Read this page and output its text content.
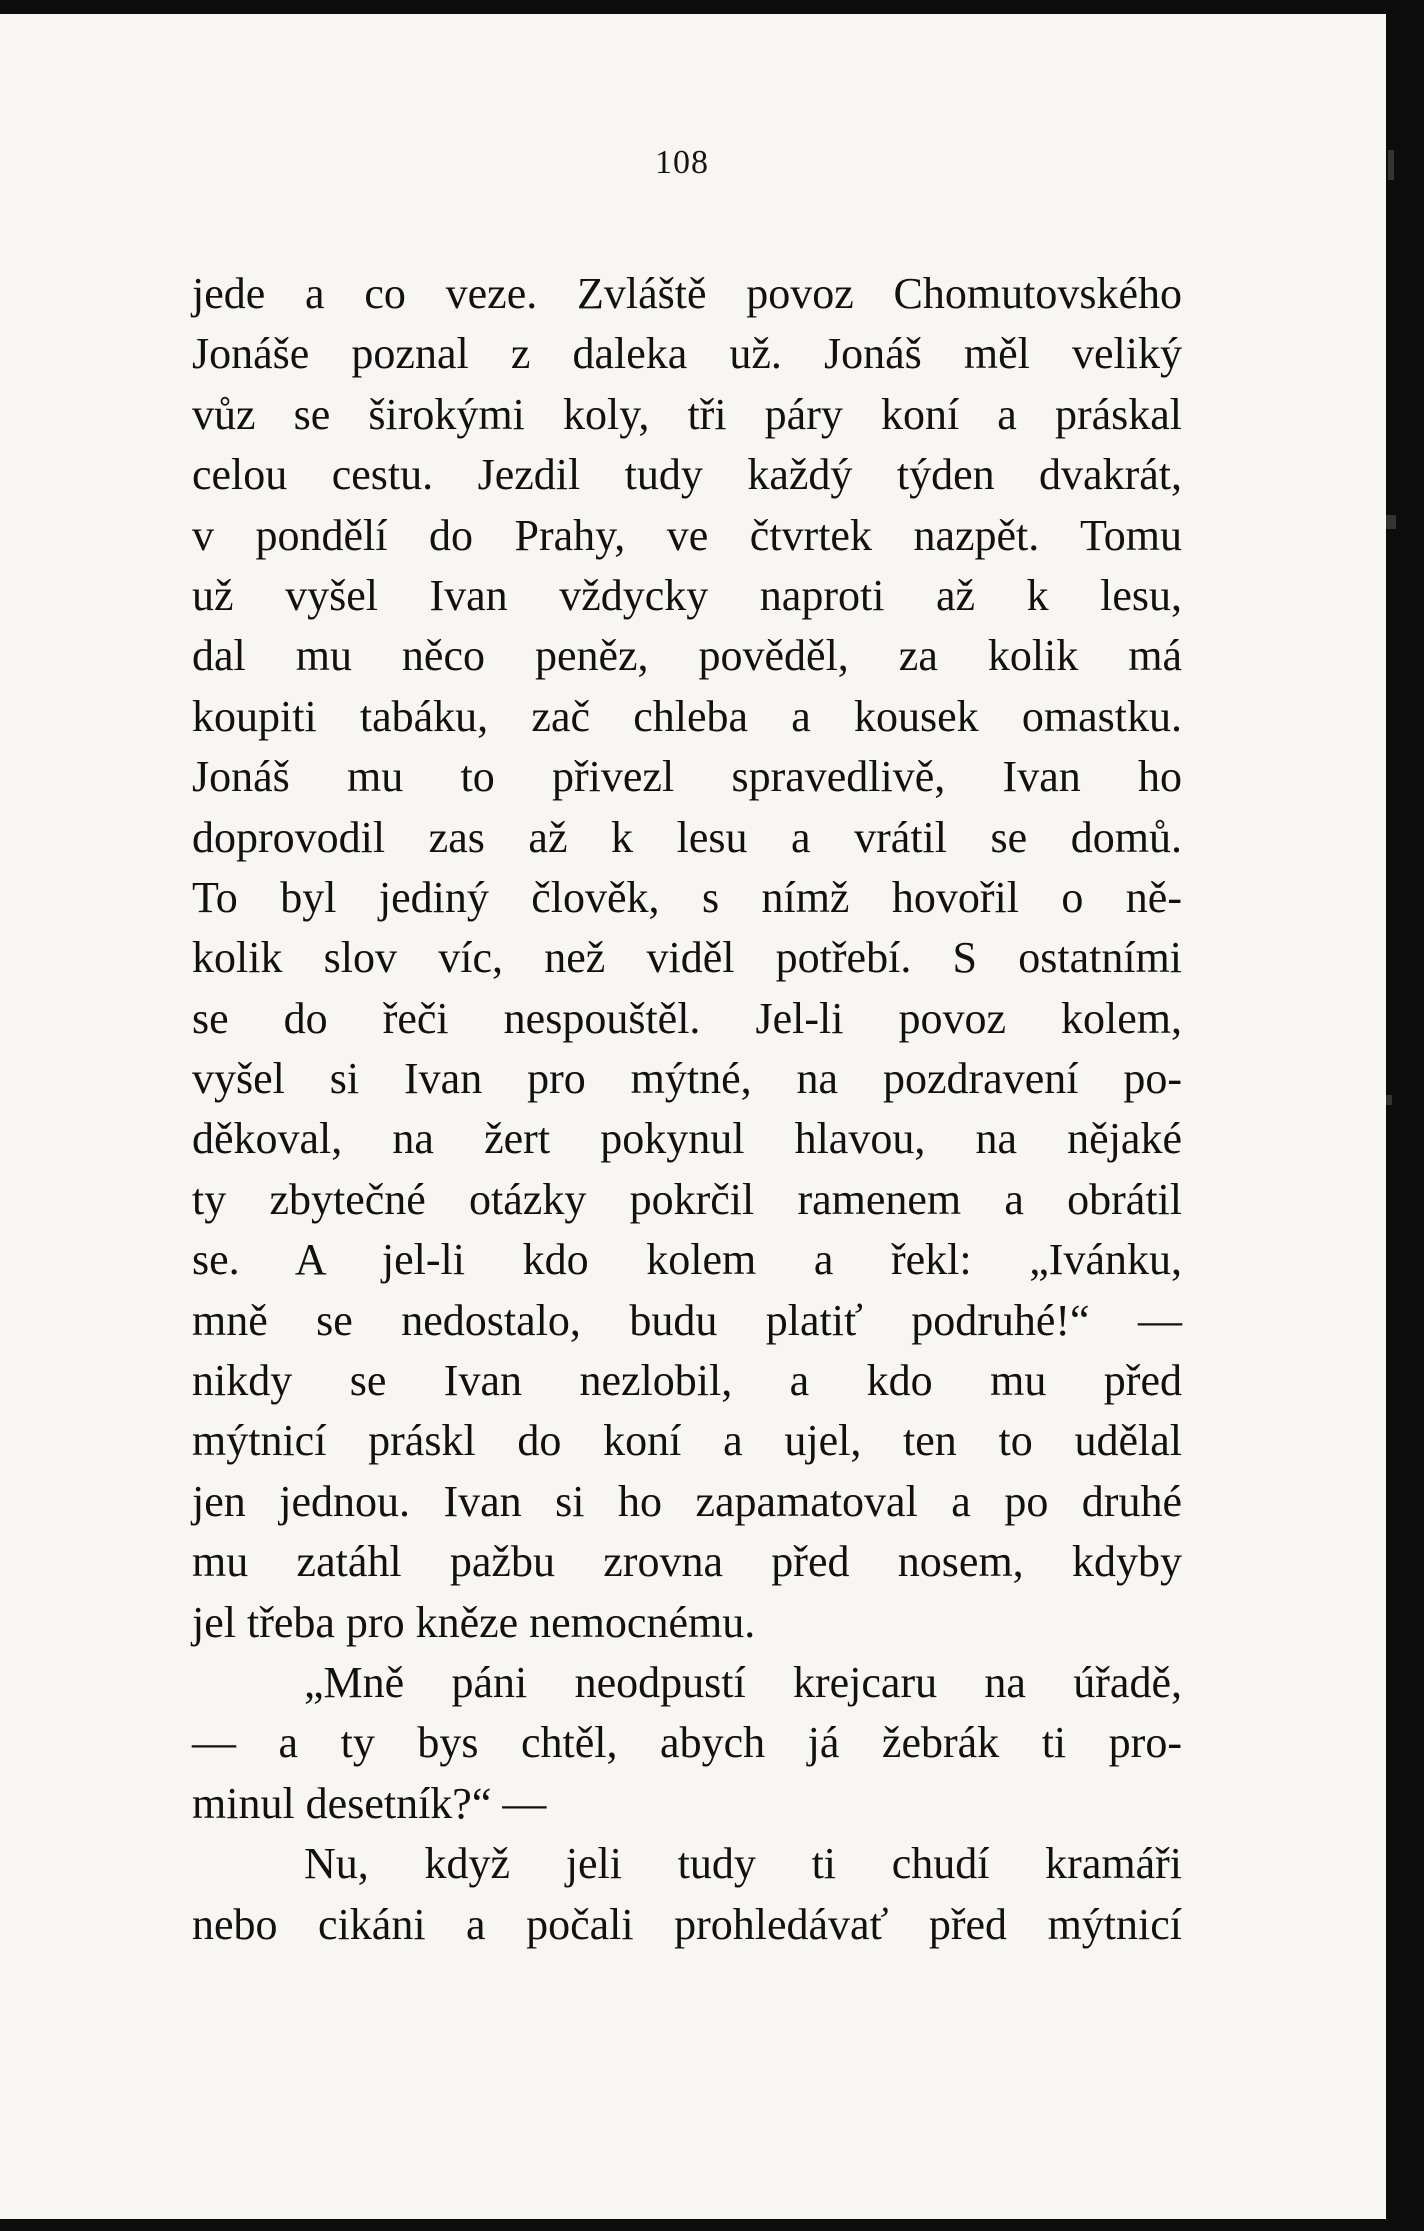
108
jede a co veze. Zvláště povoz Chomutovského
Jonáše poznal z daleka už. Jonáš měl veliký
vůz se širokými koly, tři páry koní a práskal
celou cestu. Jezdil tudy každý týden dvakrát,
v pondělí do Prahy, ve čtvrtek nazpět. Tomu
už vyšel Ivan vždycky naproti až k lesu,
dal mu něco peněz, pověděl, za kolik má
koupiti tabáku, zač chleba a kousek omastku.
Jonáš mu to přivezl spravedlivě, Ivan ho
doprovodil zas až k lesu a vrátil se domů.
To byl jediný člověk, s nímž hovořil o ně-
kolik slov víc, než viděl potřebí. S ostatními
se do řeči nespouštěl. Jel-li povoz kolem,
vyšel si Ivan pro mýtné, na pozdravení po-
děkoval, na žert pokynul hlavou, na nějaké
ty zbytečné otázky pokrčil ramenem a obrátil
se. A jel-li kdo kolem a řekl: „Ivánku,
mně se nedostalo, budu platiť podruhé!“ —
nikdy se Ivan nezlobil, a kdo mu před
mýtnicí práskl do koní a ujel, ten to udělal
jen jednou. Ivan si ho zapamatoval a po druhé
mu zatáhl pažbu zrovna před nosem, kdyby
jel třeba pro kněze nemocnému.
„Mně páni neodpustí krejcaru na úřadě,
— a ty bys chtěl, abych já žebrák ti pro-
minul desetník?“ —
Nu, když jeli tudy ti chudí kramáři
nebo cikáni a počali prohledávať před mýtnicí
